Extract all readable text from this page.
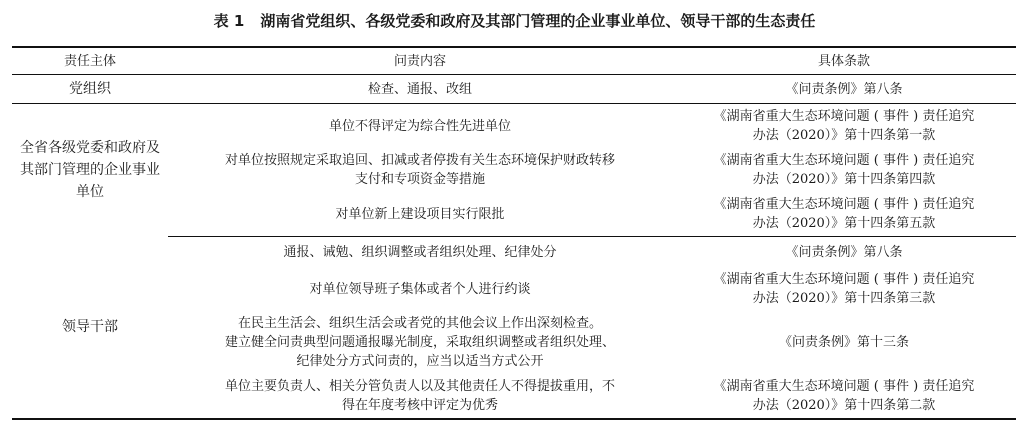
表 1 湖南省党组织、各级党委和政府及其部门管理的企业事业单位、领导干部的生态责任
责任主体	问责内容	具体条款
党组织	检查、通报、改组	《问责条例》第八条
全省各级党委和政府及其部门管理的企业事业单位	单位不得评定为综合性先进单位	《湖南省重大生态环境问题 ( 事件 ) 责任追究
办法（2020）》第十四条第一款
	对单位按照规定采取追回、扣减或者停拨有关生态环境保护财政转移
支付和专项资金等措施	《湖南省重大生态环境问题 ( 事件 ) 责任追究
办法（2020）》第十四条第四款
	对单位新上建设项目实行限批	《湖南省重大生态环境问题 ( 事件 ) 责任追究
办法（2020）》第十四条第五款
领导干部	通报、诫勉、组织调整或者组织处理、纪律处分	《问责条例》第八条
	对单位领导班子集体或者个人进行约谈	《湖南省重大生态环境问题 ( 事件 ) 责任追究
办法（2020）》第十四条第三款
	在民主生活会、组织生活会或者党的其他会议上作出深刻检查。
建立健全问责典型问题通报曝光制度，采取组织调整或者组织处理、
纪律处分方式问责的，应当以适当方式公开	《问责条例》第十三条
	单位主要负责人、相关分管负责人以及其他责任人不得提拔重用，不
得在年度考核中评定为优秀	《湖南省重大生态环境问题 ( 事件 ) 责任追究
办法（2020）》第十四条第二款
